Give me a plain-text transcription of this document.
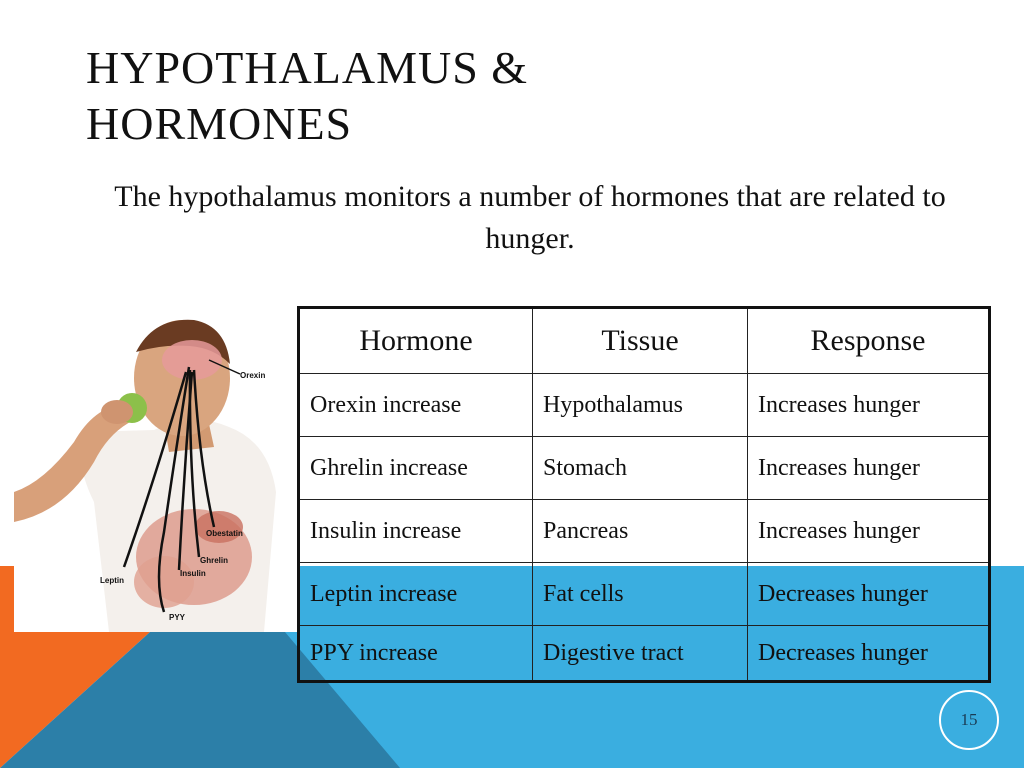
HYPOTHALAMUS & HORMONES

The hypothalamus monitors a number of hormones that are related to hunger.

Orexin
Obestatin
Ghrelin
Insulin
Leptin
PYY
Hormone	Tissue	Response
Orexin increase	Hypothalamus	Increases hunger
Ghrelin increase	Stomach	Increases hunger
Insulin increase	Pancreas	Increases hunger
Leptin increase	Fat cells	Decreases hunger
PPY increase	Digestive tract	Decreases hunger
15
